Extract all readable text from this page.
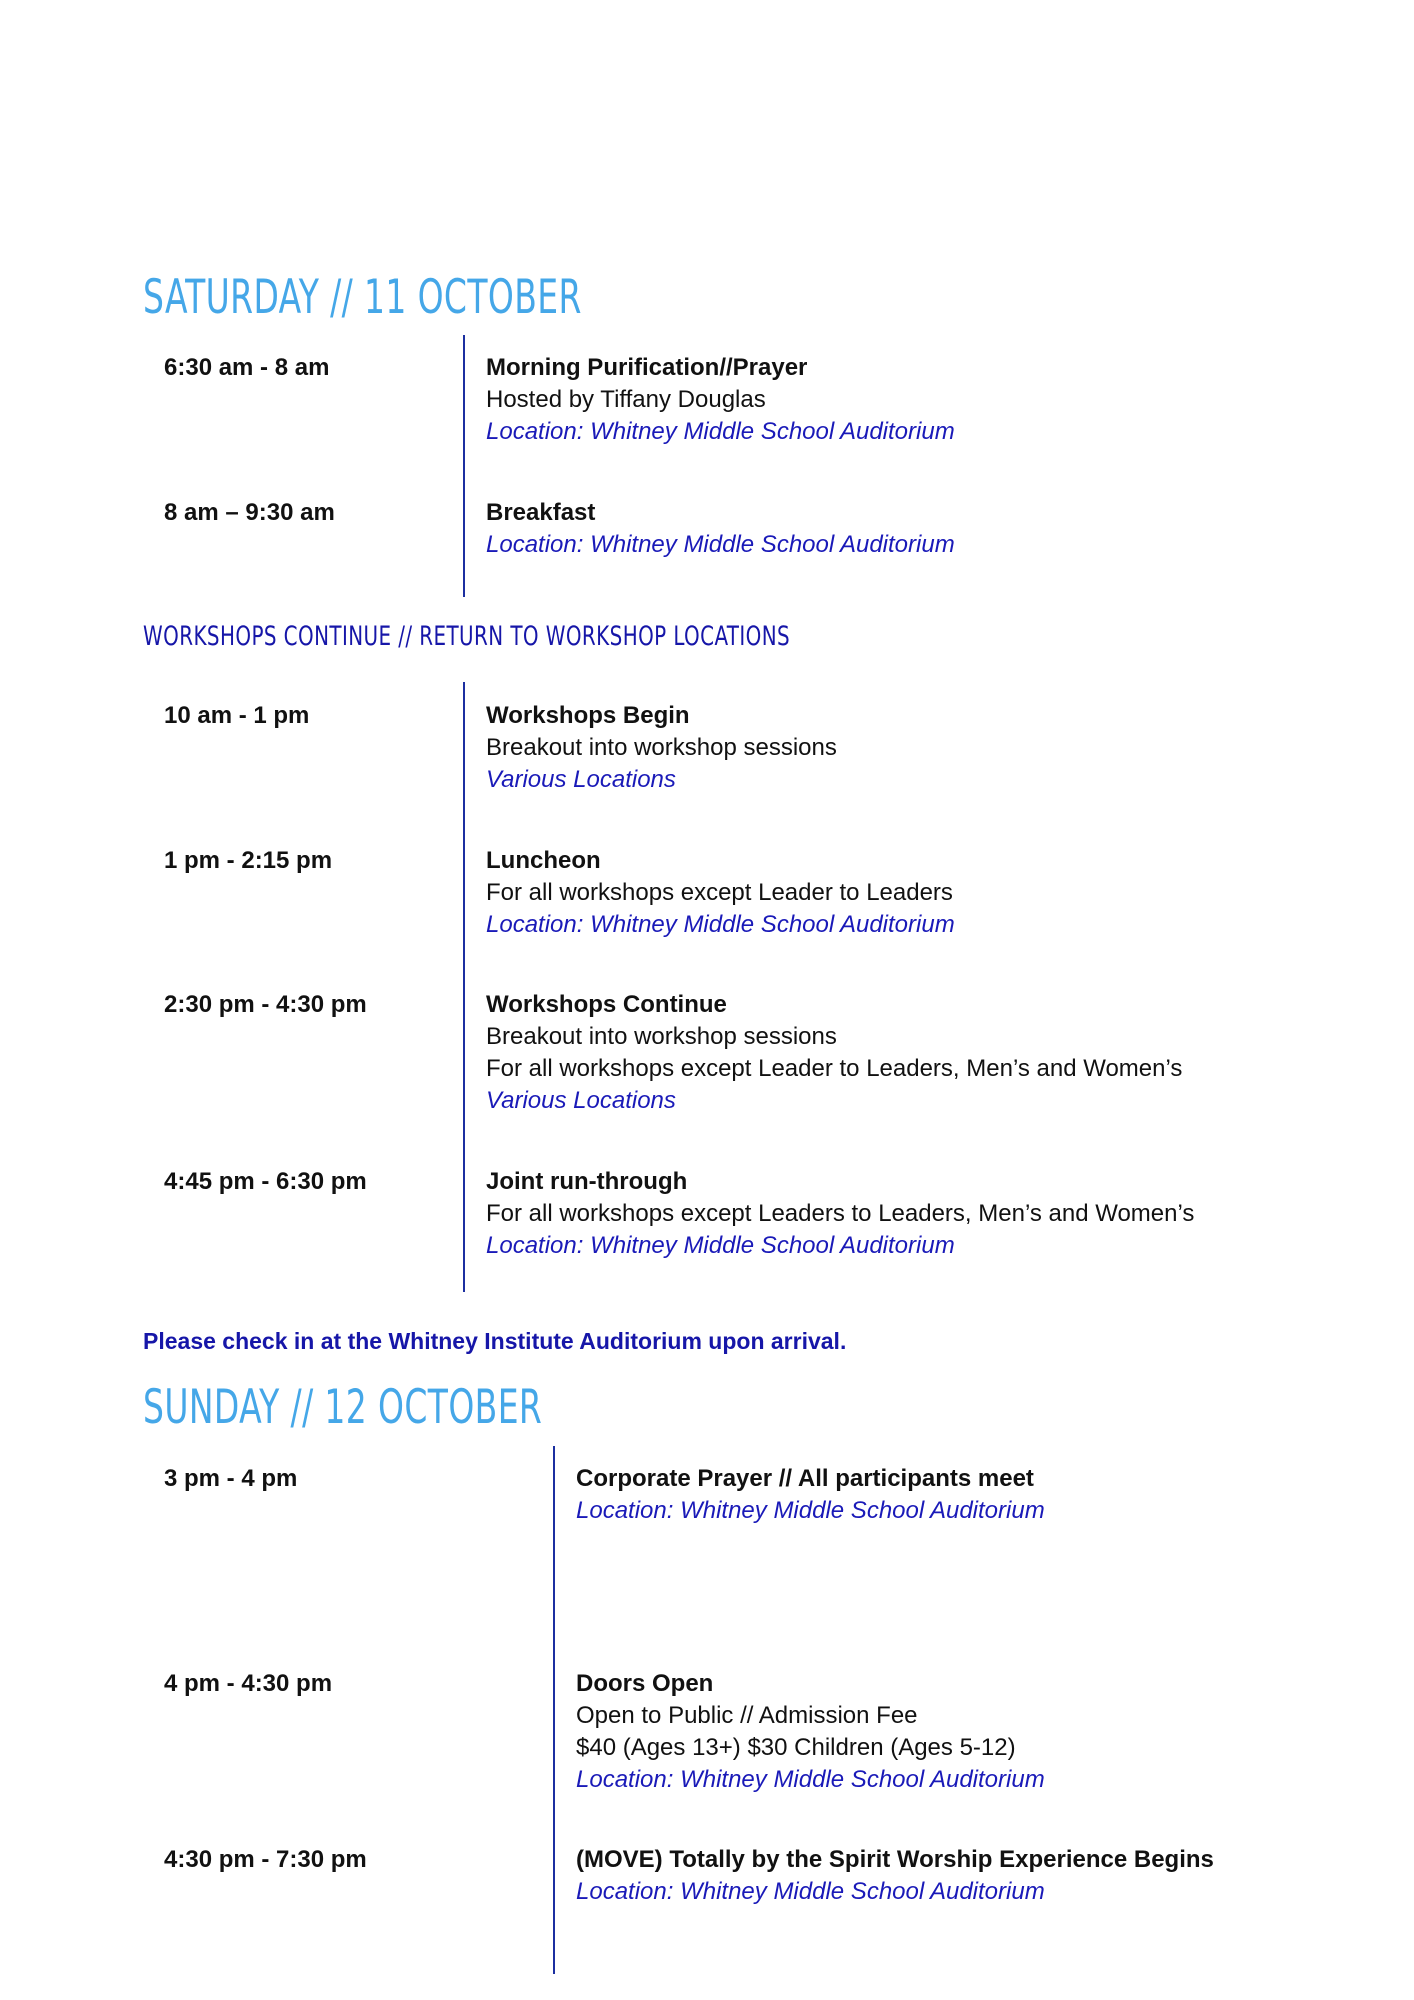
SATURDAY // 11 OCTOBER
6:30 am - 8 am	Morning Purification//Prayer
Hosted by Tiffany Douglas
Location: Whitney Middle School Auditorium
8 am – 9:30 am	Breakfast
Location: Whitney Middle School Auditorium
WORKSHOPS CONTINUE // RETURN TO WORKSHOP LOCATIONS
10 am - 1 pm	Workshops Begin
Breakout into workshop sessions
Various Locations
1 pm - 2:15 pm	Luncheon
For all workshops except Leader to Leaders
Location: Whitney Middle School Auditorium
2:30 pm - 4:30 pm	Workshops Continue
Breakout into workshop sessions
For all workshops except Leader to Leaders, Men’s and Women’s
Various Locations
4:45 pm - 6:30 pm	Joint run-through
For all workshops except Leaders to Leaders, Men’s and Women’s
Location: Whitney Middle School Auditorium

Please check in at the Whitney Institute Auditorium upon arrival.

SUNDAY // 12 OCTOBER
3 pm - 4 pm	Corporate Prayer // All participants meet
Location: Whitney Middle School Auditorium
4 pm - 4:30 pm	Doors Open
Open to Public // Admission Fee
$40 (Ages 13+) $30 Children (Ages 5-12)
Location: Whitney Middle School Auditorium
4:30 pm - 7:30 pm	(MOVE) Totally by the Spirit Worship Experience Begins
Location: Whitney Middle School Auditorium
